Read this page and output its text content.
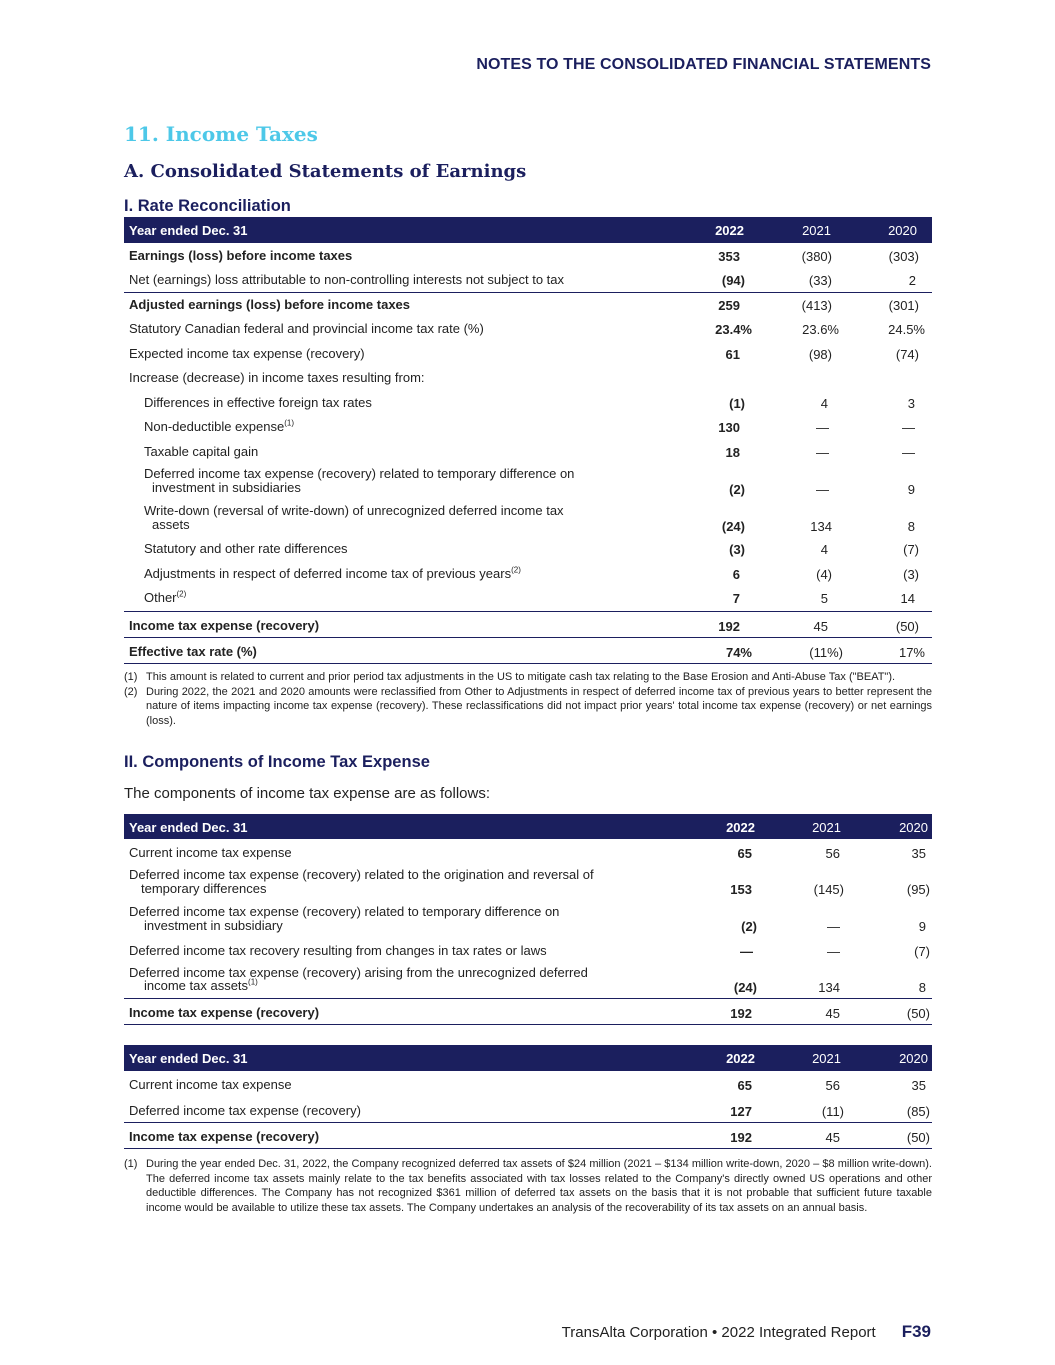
NOTES TO THE CONSOLIDATED FINANCIAL STATEMENTS
11. Income Taxes
A. Consolidated Statements of Earnings
I. Rate Reconciliation
Year ended Dec. 31	2022	2021	2020
Earnings (loss) before income taxes	353	(380)	(303)
Net (earnings) loss attributable to non-controlling interests not subject to tax	(94)	(33)	2
Adjusted earnings (loss) before income taxes	259	(413)	(301)
Statutory Canadian federal and provincial income tax rate (%)	23.4%	23.6%	24.5%
Expected income tax expense (recovery)	61	(98)	(74)
Increase (decrease) in income taxes resulting from:
Differences in effective foreign tax rates	(1)	4	3
Non-deductible expense$^{(1)}$	130	—	—
Taxable capital gain	18	—	—
Deferred income tax expense (recovery) related to temporary difference on
investment in subsidiaries	(2)	—	9
Write-down (reversal of write-down) of unrecognized deferred income tax
assets	(24)	134	8
Statutory and other rate differences	(3)	4	(7)
Adjustments in respect of deferred income tax of previous years$^{(2)}$	6	(4)	(3)
Other$^{(2)}$	7	5	14
Income tax expense (recovery)	192	45	(50)
Effective tax rate (%)	74%	(11%)	17%
(1) This amount is related to current and prior period tax adjustments in the US to mitigate cash tax relating to the Base Erosion and Anti-Abuse Tax ("BEAT").
(2) During 2022, the 2021 and 2020 amounts were reclassified from Other to Adjustments in respect of deferred income tax of previous years to better represent the nature of items impacting income tax expense (recovery). These reclassifications did not impact prior years' total income tax expense (recovery) or net earnings (loss).
II. Components of Income Tax Expense
The components of income tax expense are as follows:
Year ended Dec. 31	2022	2021	2020
Current income tax expense	65	56	35
Deferred income tax expense (recovery) related to the origination and reversal of
temporary differences	153	(145)	(95)
Deferred income tax expense (recovery) related to temporary difference on
investment in subsidiary	(2)	—	9
Deferred income tax recovery resulting from changes in tax rates or laws	—	—	(7)
Deferred income tax expense (recovery) arising from the unrecognized deferred
income tax assets$^{(1)}$	(24)	134	8
Income tax expense (recovery)	192	45	(50)
Year ended Dec. 31	2022	2021	2020
Current income tax expense	65	56	35
Deferred income tax expense (recovery)	127	(11)	(85)
Income tax expense (recovery)	192	45	(50)
(1) During the year ended Dec. 31, 2022, the Company recognized deferred tax assets of $24 million (2021 – $134 million write-down, 2020 – $8 million write-down). The deferred income tax assets mainly relate to the tax benefits associated with tax losses related to the Company's directly owned US operations and other deductible differences. The Company has not recognized $361 million of deferred tax assets on the basis that it is not probable that sufficient future taxable income would be available to utilize these tax assets. The Company undertakes an analysis of the recoverability of its tax assets on an annual basis.
TransAlta Corporation • 2022 Integrated Report F39
